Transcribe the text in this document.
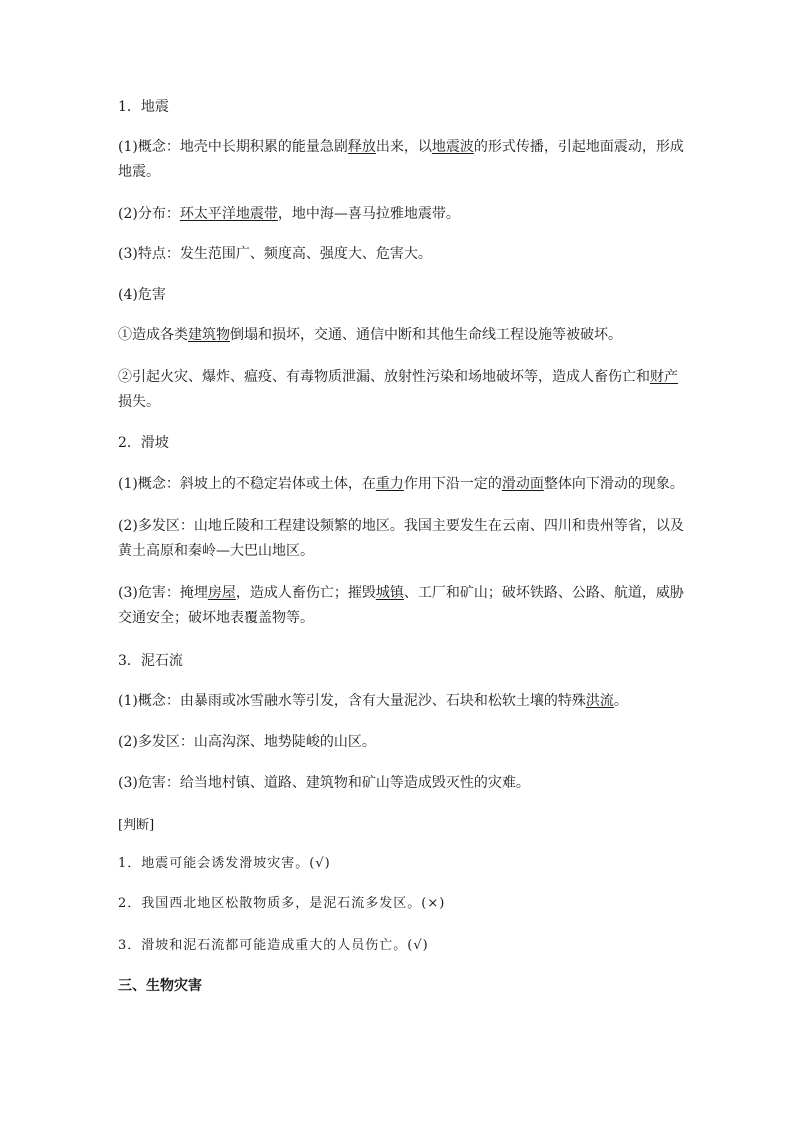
1．地震
(1)概念：地壳中长期积累的能量急剧释放出来，以地震波的形式传播，引起地面震动，形成
地震。
(2)分布：环太平洋地震带，地中海—喜马拉雅地震带。
(3)特点：发生范围广、频度高、强度大、危害大。
(4)危害
①造成各类建筑物倒塌和损坏，交通、通信中断和其他生命线工程设施等被破坏。
②引起火灾、爆炸、瘟疫、有毒物质泄漏、放射性污染和场地破坏等，造成人畜伤亡和财产
损失。
2．滑坡
(1)概念：斜坡上的不稳定岩体或土体，在重力作用下沿一定的滑动面整体向下滑动的现象。
(2)多发区：山地丘陵和工程建设频繁的地区。我国主要发生在云南、四川和贵州等省，以及
黄土高原和秦岭—大巴山地区。
(3)危害：掩埋房屋，造成人畜伤亡；摧毁城镇、工厂和矿山；破坏铁路、公路、航道，威胁
交通安全；破坏地表覆盖物等。
3．泥石流
(1)概念：由暴雨或冰雪融水等引发，含有大量泥沙、石块和松软土壤的特殊洪流。
(2)多发区：山高沟深、地势陡峻的山区。
(3)危害：给当地村镇、道路、建筑物和矿山等造成毁灭性的灾难。
[判断]
1．地震可能会诱发滑坡灾害。(√)
2．我国西北地区松散物质多，是泥石流多发区。(×)
3．滑坡和泥石流都可能造成重大的人员伤亡。(√)
三、生物灾害
